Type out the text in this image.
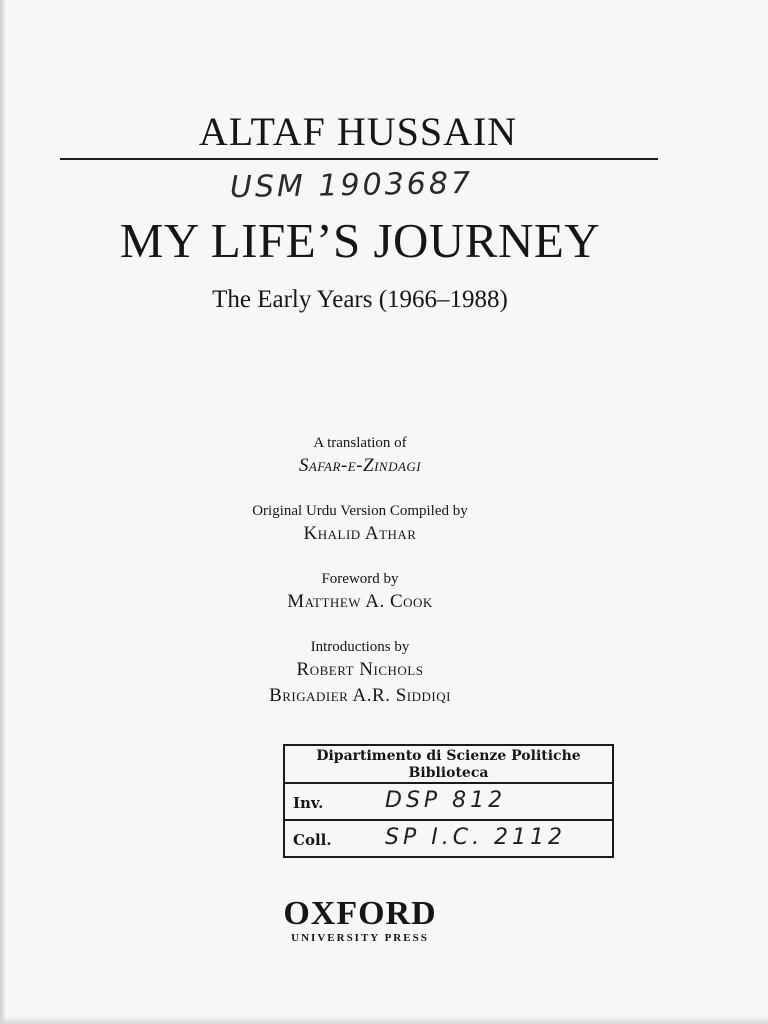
ALTAF HUSSAIN
USM 1903687
MY LIFE’S JOURNEY
The Early Years (1966–1988)
A translation of
Safar-e-Zindagi
Original Urdu Version Compiled by
Khalid Athar
Foreword by
Matthew A. Cook
Introductions by
Robert Nichols
Brigadier A.R. Siddiqi
Dipartimento di Scienze Politiche
Biblioteca
Inv.	DSP 812
Coll. SP I.C. 2112
OXFORD
UNIVERSITY PRESS
